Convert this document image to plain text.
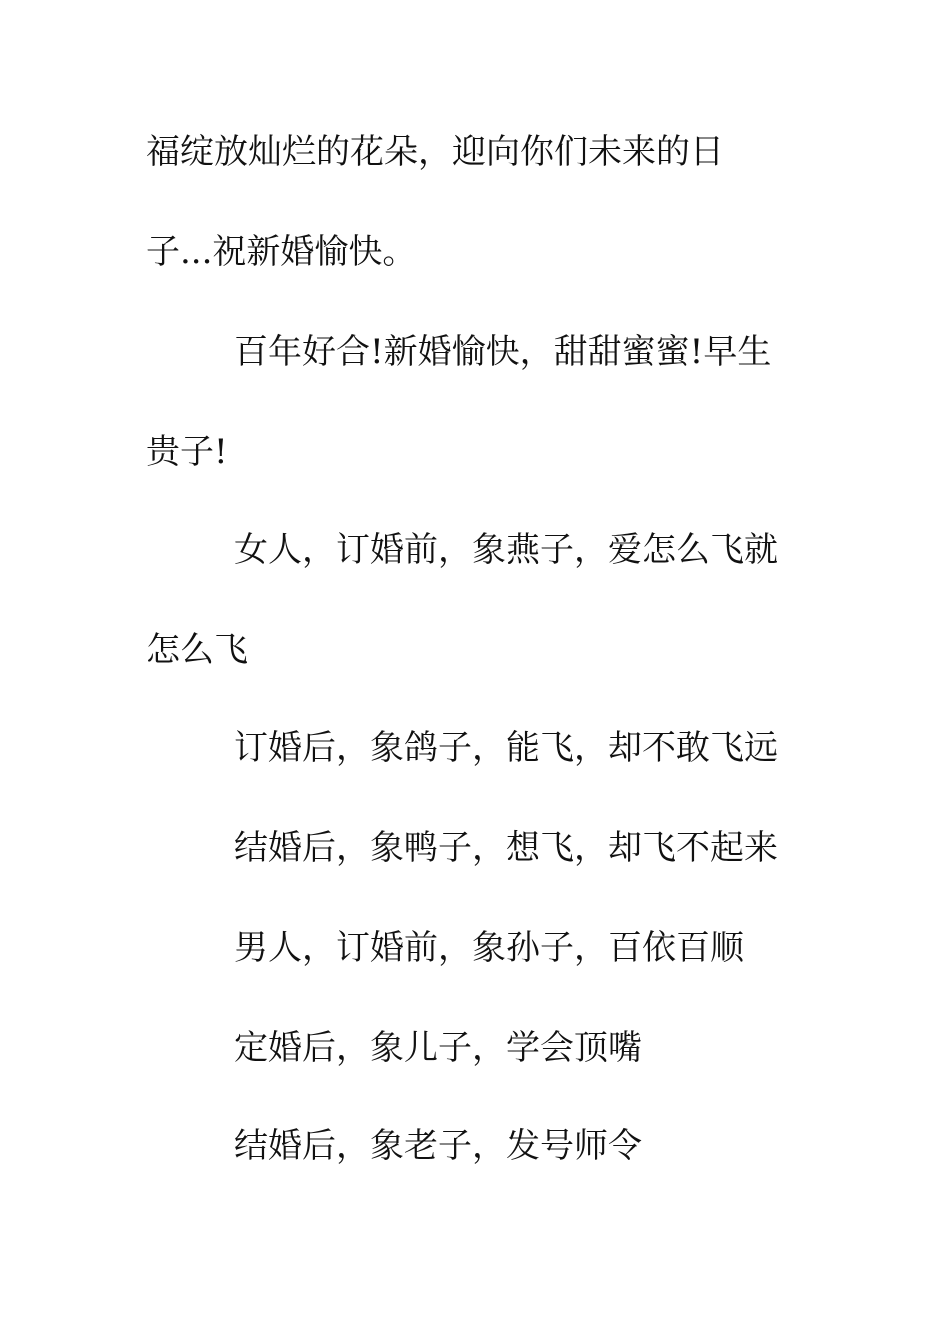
福绽放灿烂的花朵，迎向你们未来的日
子...祝新婚愉快。
百年好合!新婚愉快，甜甜蜜蜜!早生
贵子!
女人，订婚前，象燕子，爱怎么飞就
怎么飞
订婚后，象鸽子，能飞，却不敢飞远
结婚后，象鸭子，想飞，却飞不起来
男人，订婚前，象孙子，百依百顺
定婚后，象儿子，学会顶嘴
结婚后，象老子，发号师令
